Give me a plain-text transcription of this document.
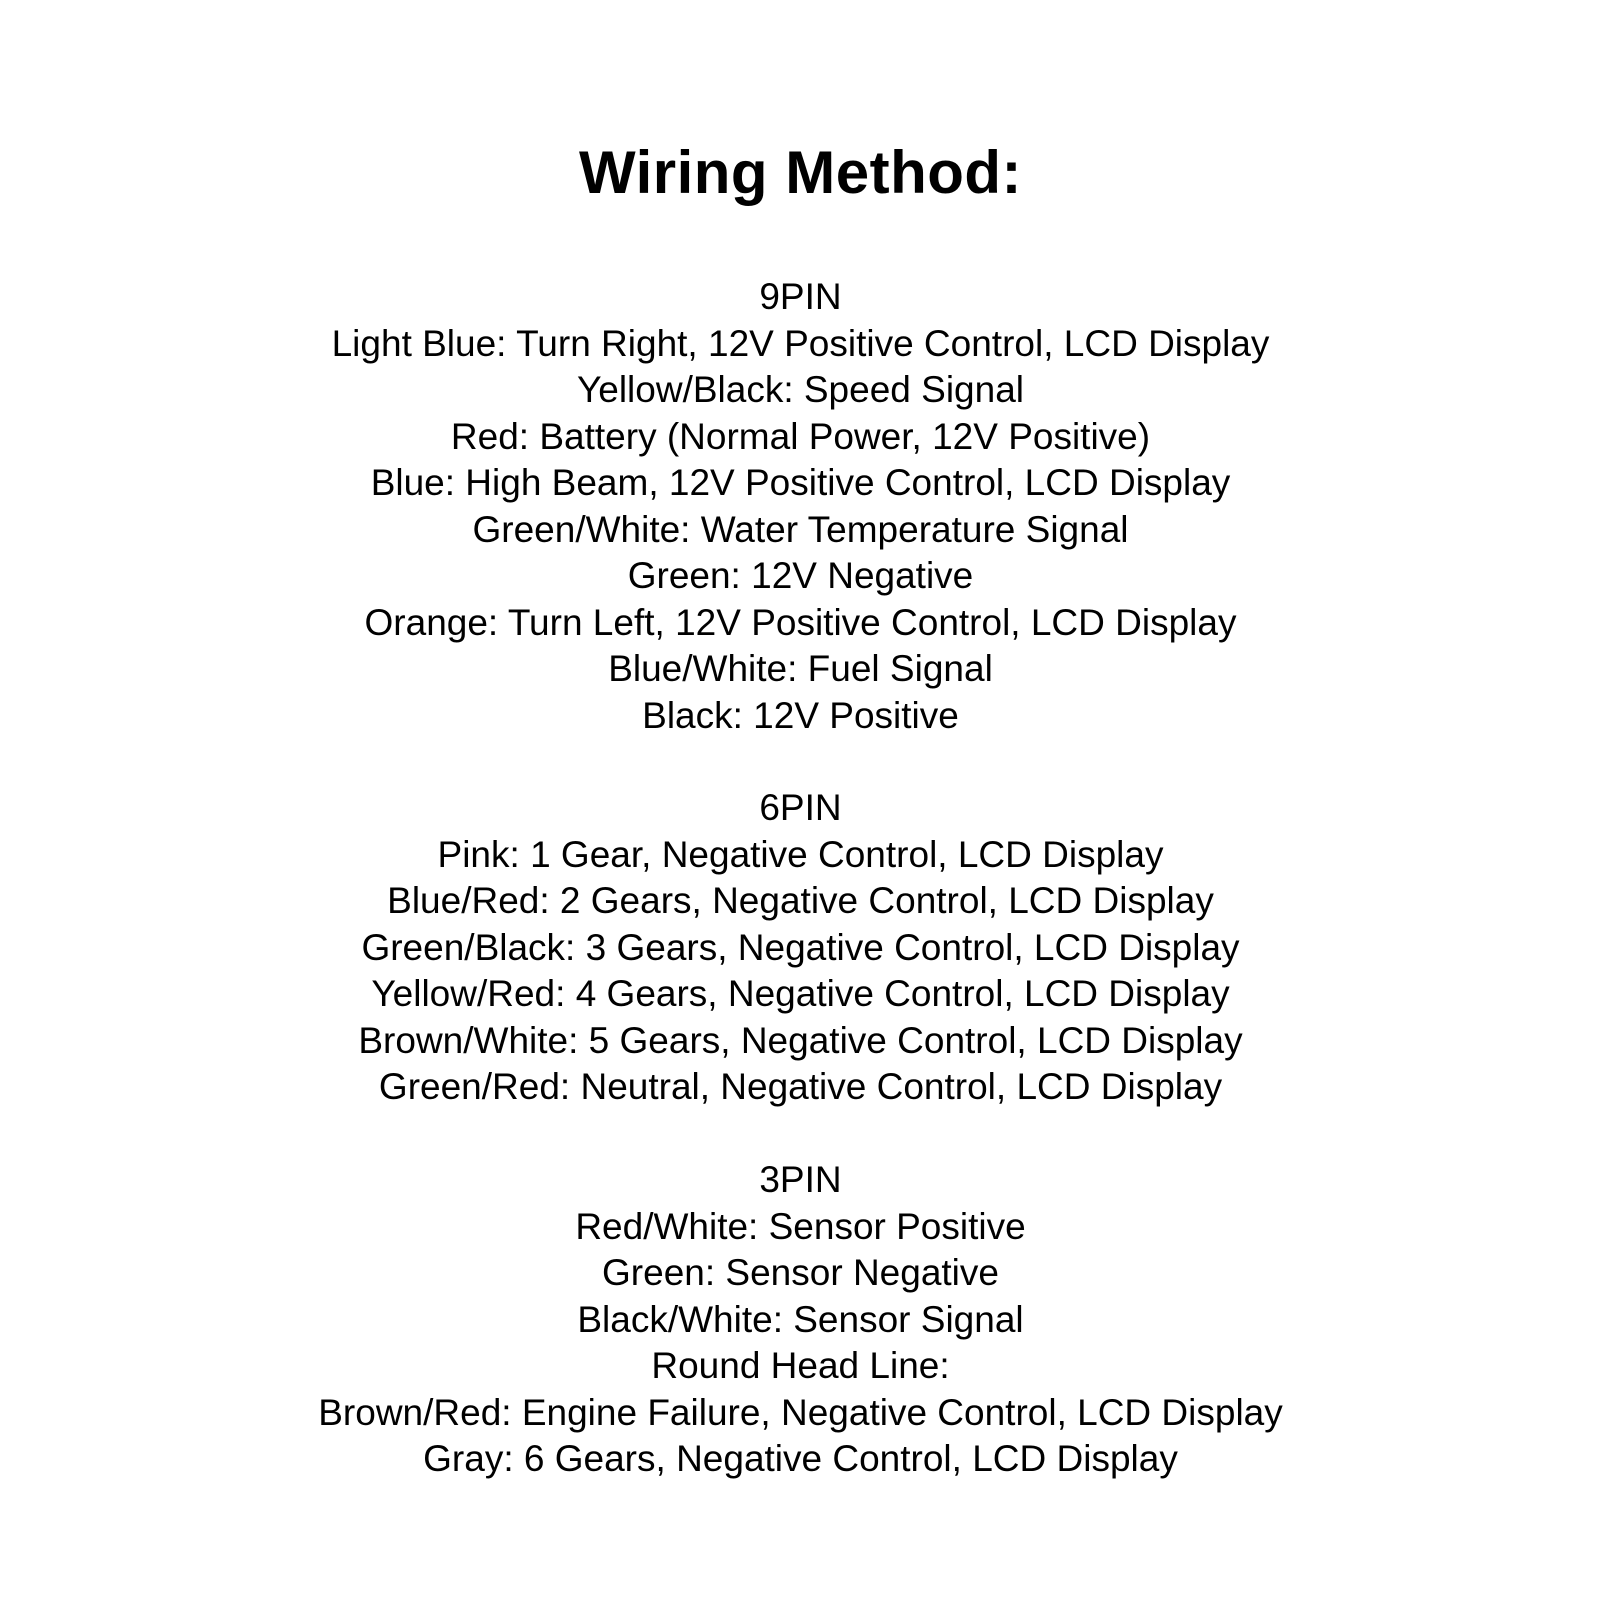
Wiring Method:
9PIN
Light Blue: Turn Right, 12V Positive Control, LCD Display
Yellow/Black: Speed Signal
Red: Battery (Normal Power, 12V Positive)
Blue: High Beam, 12V Positive Control, LCD Display
Green/White: Water Temperature Signal
Green: 12V Negative
Orange: Turn Left, 12V Positive Control, LCD Display
Blue/White: Fuel Signal
Black: 12V Positive
6PIN
Pink: 1 Gear, Negative Control, LCD Display
Blue/Red: 2 Gears, Negative Control, LCD Display
Green/Black: 3 Gears, Negative Control, LCD Display
Yellow/Red: 4 Gears, Negative Control, LCD Display
Brown/White: 5 Gears, Negative Control, LCD Display
Green/Red: Neutral, Negative Control, LCD Display
3PIN
Red/White: Sensor Positive
Green: Sensor Negative
Black/White: Sensor Signal
Round Head Line:
Brown/Red: Engine Failure, Negative Control, LCD Display
Gray: 6 Gears, Negative Control, LCD Display
